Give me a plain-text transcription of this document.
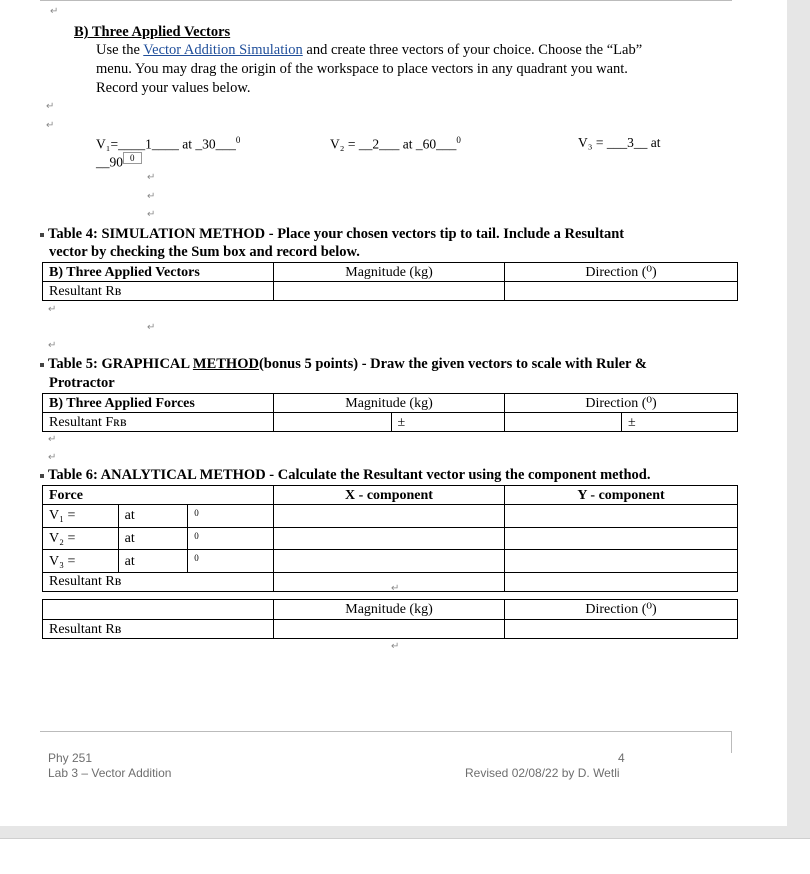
↵
B) Three Applied Vectors
Use the Vector Addition Simulation and create three vectors of your choice. Choose the “Lab”
menu. You may drag the origin of the workspace to place vectors in any quadrant you want.
Record your values below.
↵
↵
V₁=____1____ at _30___$^0$	V₂ = __2___ at _60___$^0$	V₃ = ___3__ at
__90 $^0$
↵
↵
↵
Table 4: SIMULATION METHOD - Place your chosen vectors tip to tail. Include a Resultant
vector by checking the Sum box and record below.
B) Three Applied Vectors	Magnitude (kg)	Direction (⁰)
Resultant Rʙ		
↵
↵
↵
Table 5: GRAPHICAL METHOD(bonus 5 points) - Draw the given vectors to scale with Ruler &
Protractor
B) Three Applied Forces	Magnitude (kg)		Direction (⁰)	
Resultant Fʀʙ		±		±
↵
↵
Table 6: ANALYTICAL METHOD - Calculate the Resultant vector using the component method.
Force			X - component	Y - component
V₁ =	at	$^0$		
V₂ =	at	$^0$		
V₃ =	at	$^0$		
Resultant Rʙ					↵
	Magnitude (kg)	Direction (⁰)
Resultant Rʙ		
↵
Phy 251
Lab 3 – Vector Addition
4
Revised 02/08/22 by D. Wetli
